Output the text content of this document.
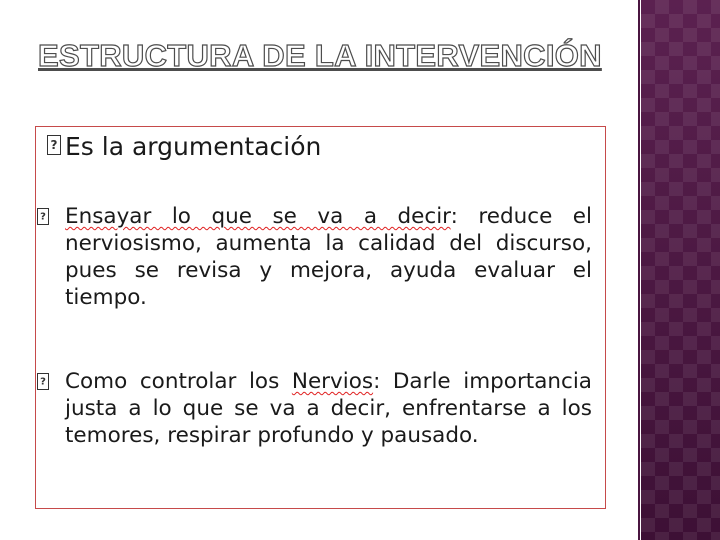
ESTRUCTURA DE LA INTERVENCIÓN
?
Es la argumentación
?
Ensayar lo que se va a decir: reduce el nerviosismo, aumenta la calidad del discurso, pues se revisa y mejora, ayuda evaluar el tiempo.
?
Como controlar los Nervios: Darle importancia justa a lo que se va a decir, enfrentarse a los temores, respirar profundo y pausado.
